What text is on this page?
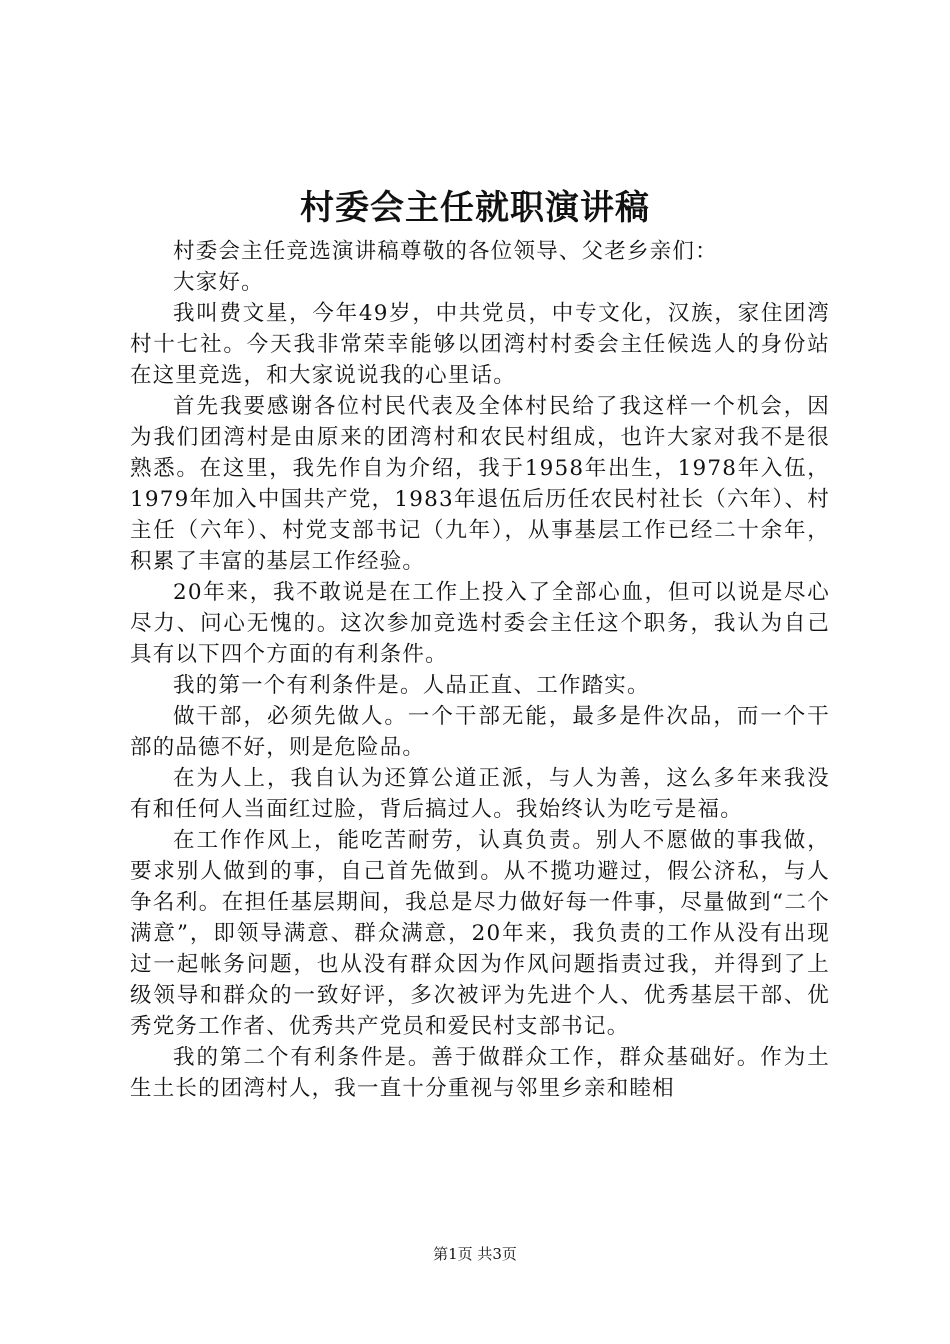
村委会主任就职演讲稿

村委会主任竞选演讲稿尊敬的各位领导、父老乡亲们：

大家好。

我叫费文星，今年49岁，中共党员，中专文化，汉族，家住团湾村十七社。今天我非常荣幸能够以团湾村村委会主任候选人的身份站在这里竞选，和大家说说我的心里话。

首先我要感谢各位村民代表及全体村民给了我这样一个机会，因为我们团湾村是由原来的团湾村和农民村组成，也许大家对我不是很熟悉。在这里，我先作自为介绍，我于1958年出生，1978年入伍，1979年加入中国共产党，1983年退伍后历任农民村社长（六年）、村主任（六年）、村党支部书记（九年），从事基层工作已经二十余年，积累了丰富的基层工作经验。

20年来，我不敢说是在工作上投入了全部心血，但可以说是尽心尽力、问心无愧的。这次参加竞选村委会主任这个职务，我认为自己具有以下四个方面的有利条件。

我的第一个有利条件是。人品正直、工作踏实。

做干部，必须先做人。一个干部无能，最多是件次品，而一个干部的品德不好，则是危险品。

在为人上，我自认为还算公道正派，与人为善，这么多年来我没有和任何人当面红过脸，背后搞过人。我始终认为吃亏是福。

在工作作风上，能吃苦耐劳，认真负责。别人不愿做的事我做，要求别人做到的事，自己首先做到。从不揽功避过，假公济私，与人争名利。在担任基层期间，我总是尽力做好每一件事，尽量做到“二个满意”，即领导满意、群众满意，20年来，我负责的工作从没有出现过一起帐务问题，也从没有群众因为作风问题指责过我，并得到了上级领导和群众的一致好评，多次被评为先进个人、优秀基层干部、优秀党务工作者、优秀共产党员和爱民村支部书记。

我的第二个有利条件是。善于做群众工作，群众基础好。作为土生土长的团湾村人，我一直十分重视与邻里乡亲和睦相

第1页 共3页
